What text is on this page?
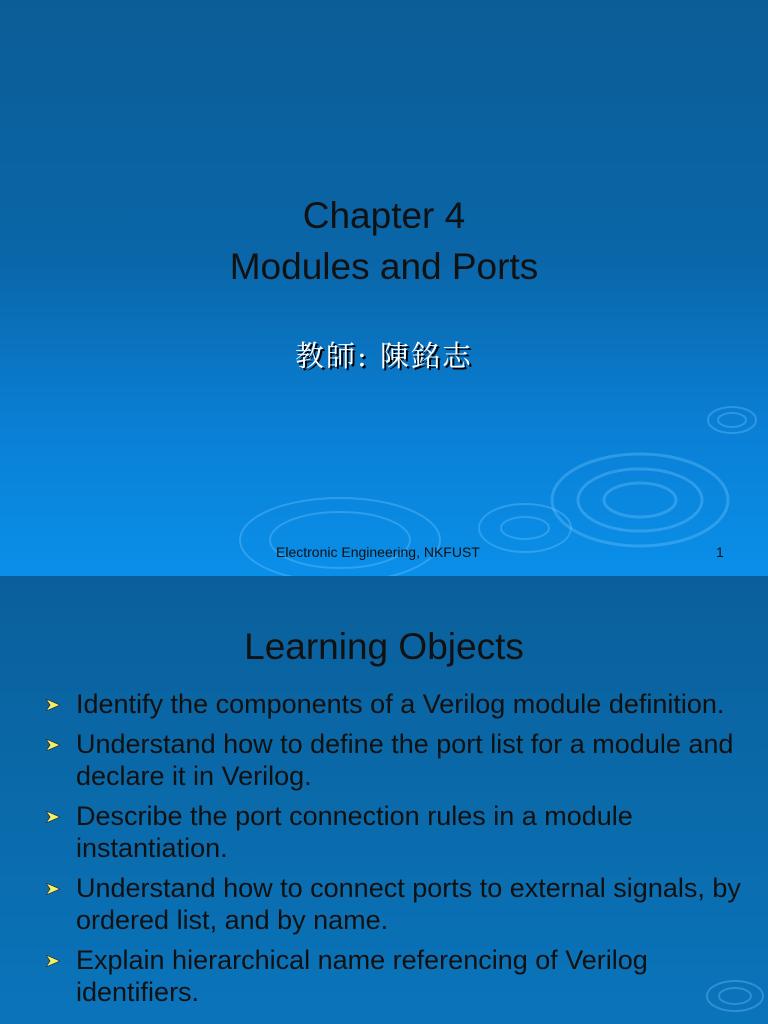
Chapter 4
Modules and Ports
教師: 陳銘志
Electronic Engineering, NKFUST	1
Learning Objects
Identify the components of a Verilog module definition.
Understand how to define the port list for a module and declare it in Verilog.
Describe the port connection rules in a module instantiation.
Understand how to connect ports to external signals, by ordered list, and by name.
Explain hierarchical name referencing of Verilog identifiers.
